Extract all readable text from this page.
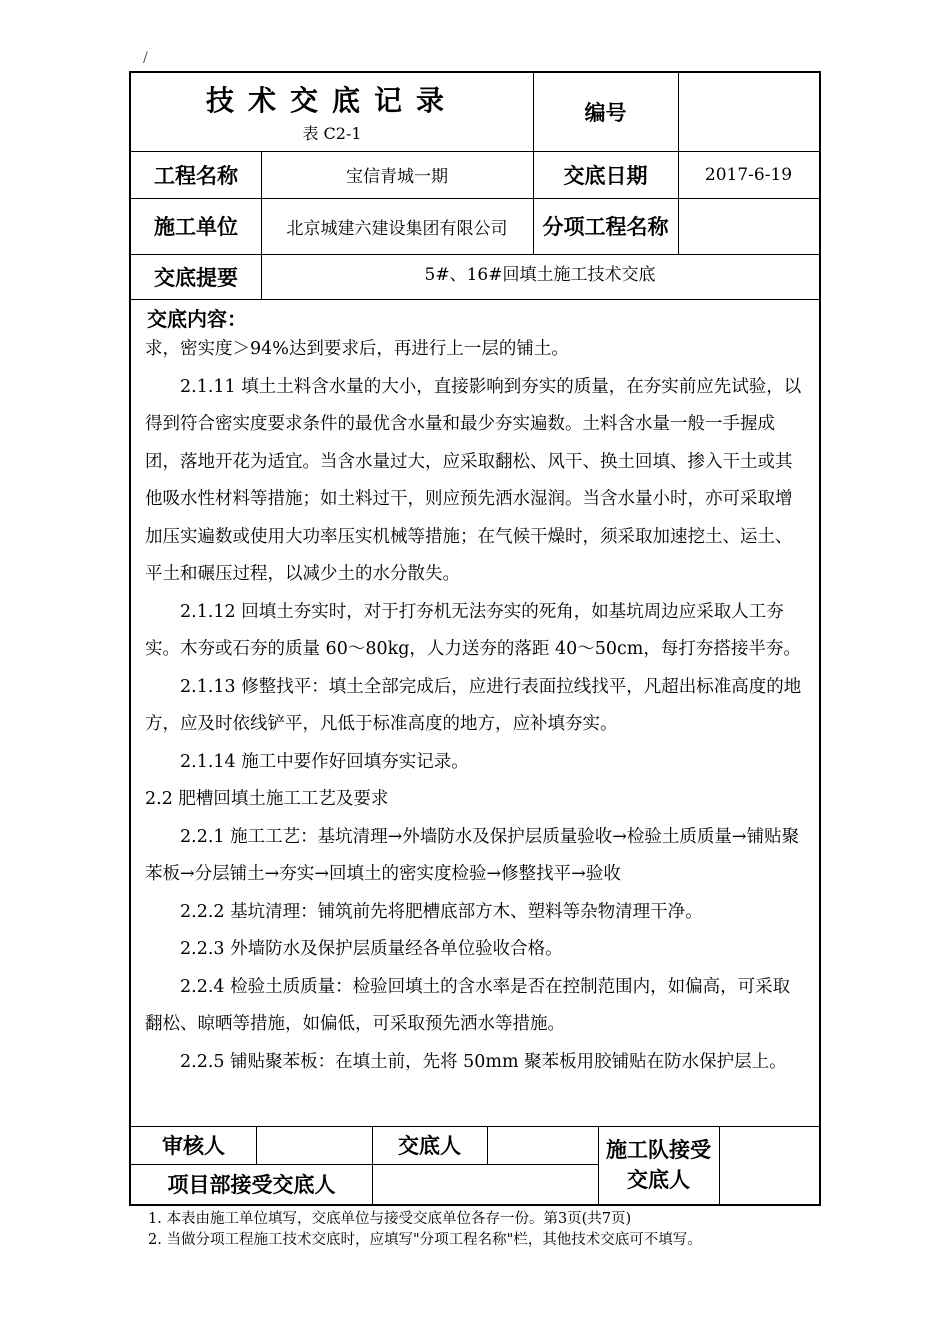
/
技术交底记录
表 C2-1
编号
工程名称	宝信青城一期	交底日期	2017-6-19
施工单位	北京城建六建设集团有限公司	分项工程名称
交底提要	5#、16#回填土施工技术交底
交底内容：

求，密实度＞94%达到要求后，再进行上一层的铺土。

2.1.11 填土土料含水量的大小，直接影响到夯实的质量，在夯实前应先试验，以得到符合密实度要求条件的最优含水量和最少夯实遍数。土料含水量一般一手握成团，落地开花为适宜。当含水量过大，应采取翻松、风干、换土回填、掺入干土或其他吸水性材料等措施；如土料过干，则应预先洒水湿润。当含水量小时，亦可采取增加压实遍数或使用大功率压实机械等措施；在气候干燥时，须采取加速挖土、运土、平土和碾压过程，以减少土的水分散失。

2.1.12 回填土夯实时，对于打夯机无法夯实的死角，如基坑周边应采取人工夯实。木夯或石夯的质量 60～80kg，人力送夯的落距 40～50cm，每打夯搭接半夯。

2.1.13 修整找平：填土全部完成后，应进行表面拉线找平，凡超出标准高度的地方，应及时依线铲平，凡低于标准高度的地方，应补填夯实。

2.1.14 施工中要作好回填夯实记录。

2.2 肥槽回填土施工工艺及要求

2.2.1 施工工艺：基坑清理→外墙防水及保护层质量验收→检验土质质量→铺贴聚苯板→分层铺土→夯实→回填土的密实度检验→修整找平→验收

2.2.2 基坑清理：铺筑前先将肥槽底部方木、塑料等杂物清理干净。

2.2.3 外墙防水及保护层质量经各单位验收合格。

2.2.4 检验土质质量：检验回填土的含水率是否在控制范围内，如偏高，可采取翻松、晾晒等措施，如偏低，可采取预先洒水等措施。

2.2.5 铺贴聚苯板：在填土前，先将 50mm 聚苯板用胶铺贴在防水保护层上。

审核人	交底人	施工队接受交底人
项目部接受交底人
1. 本表由施工单位填写，交底单位与接受交底单位各存一份。第3页(共7页)
2. 当做分项工程施工技术交底时，应填写"分项工程名称"栏，其他技术交底可不填写。
